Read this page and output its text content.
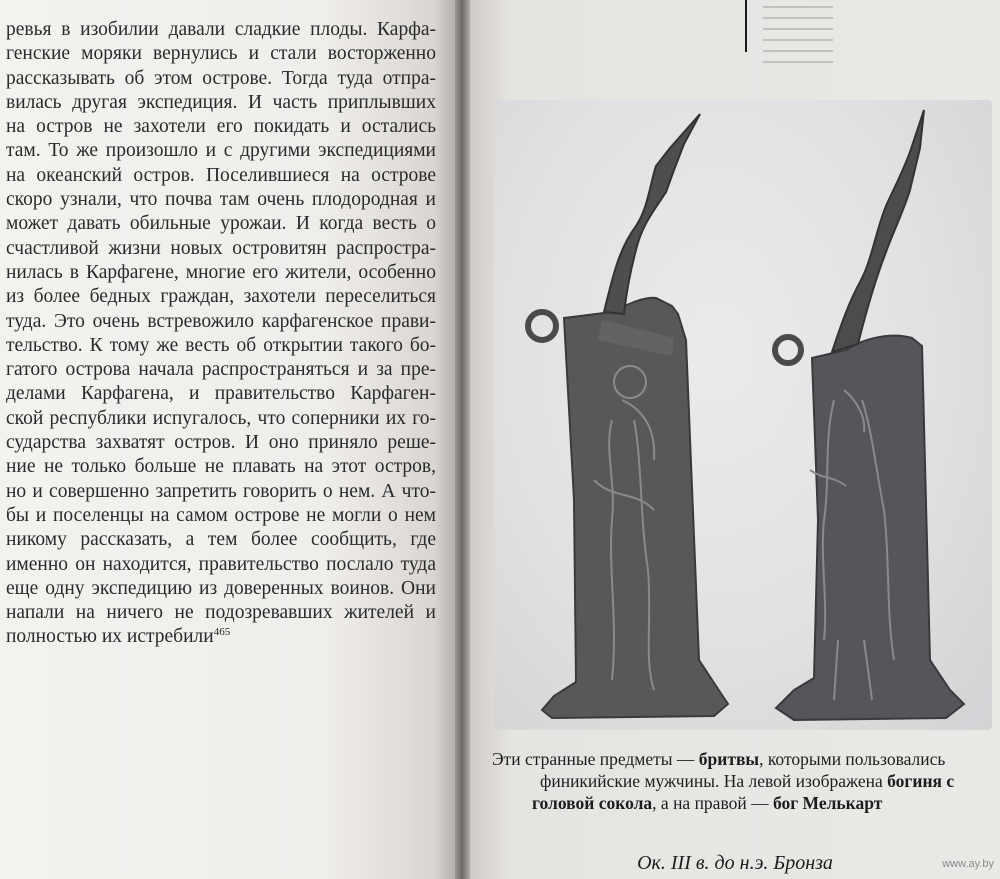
ревья в изобилии давали сладкие плоды. Карфа-
генские моряки вернулись и стали восторженно
рассказывать об этом острове. Тогда туда отпра-
вилась другая экспедиция. И часть приплывших
на остров не захотели его покидать и остались
там. То же произошло и с другими экспедициями
на океанский остров. Поселившиеся на острове
скоро узнали, что почва там очень плодородная и
может давать обильные урожаи. И когда весть о
счастливой жизни новых островитян распростра-
нилась в Карфагене, многие его жители, особенно
из более бедных граждан, захотели переселиться
туда. Это очень встревожило карфагенское прави-
тельство. К тому же весть об открытии такого бо-
гатого острова начала распространяться и за пре-
делами Карфагена, и правительство Карфаген-
ской республики испугалось, что соперники их го-
сударства захватят остров. И оно приняло реше-
ние не только больше не плавать на этот остров,
но и совершенно запретить говорить о нем. А что-
бы и поселенцы на самом острове не могли о нем
никому рассказать, а тем более сообщить, где
именно он находится, правительство послало туда
еще одну экспедицию из доверенных воинов. Они
напали на ничего не подозревавших жителей и
полностью их истребили$^{465}$
Эти странные предметы — бритвы, которыми пользовались
финикийские мужчины. На левой изображена богиня с
головой сокола, а на правой — бог Мелькарт
Ок. III в. до н.э. Бронза	www.ay.by
